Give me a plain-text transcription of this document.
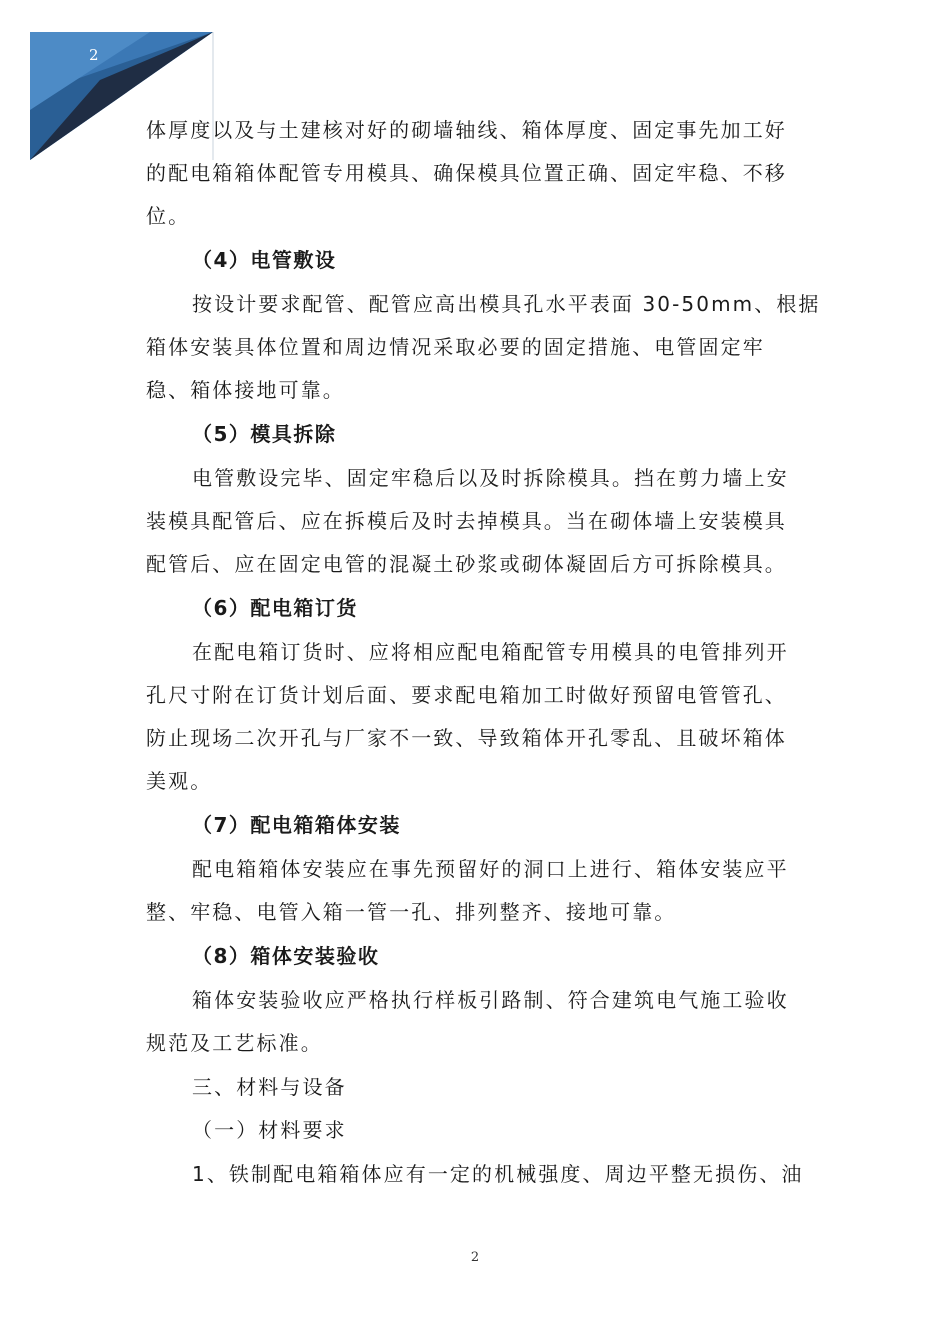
2
体厚度以及与土建核对好的砌墙轴线、箱体厚度、固定事先加工好
的配电箱箱体配管专用模具、确保模具位置正确、固定牢稳、不移
位。
（4）电管敷设
按设计要求配管、配管应高出模具孔水平表面 30-50mm、根据
箱体安装具体位置和周边情况采取必要的固定措施、电管固定牢
稳、箱体接地可靠。
（5）模具拆除
电管敷设完毕、固定牢稳后以及时拆除模具。挡在剪力墙上安
装模具配管后、应在拆模后及时去掉模具。当在砌体墙上安装模具
配管后、应在固定电管的混凝土砂浆或砌体凝固后方可拆除模具。
（6）配电箱订货
在配电箱订货时、应将相应配电箱配管专用模具的电管排列开
孔尺寸附在订货计划后面、要求配电箱加工时做好预留电管管孔、
防止现场二次开孔与厂家不一致、导致箱体开孔零乱、且破坏箱体
美观。
（7）配电箱箱体安装
配电箱箱体安装应在事先预留好的洞口上进行、箱体安装应平
整、牢稳、电管入箱一管一孔、排列整齐、接地可靠。
（8）箱体安装验收
箱体安装验收应严格执行样板引路制、符合建筑电气施工验收
规范及工艺标准。
三、材料与设备
（一）材料要求
1、铁制配电箱箱体应有一定的机械强度、周边平整无损伤、油
2
